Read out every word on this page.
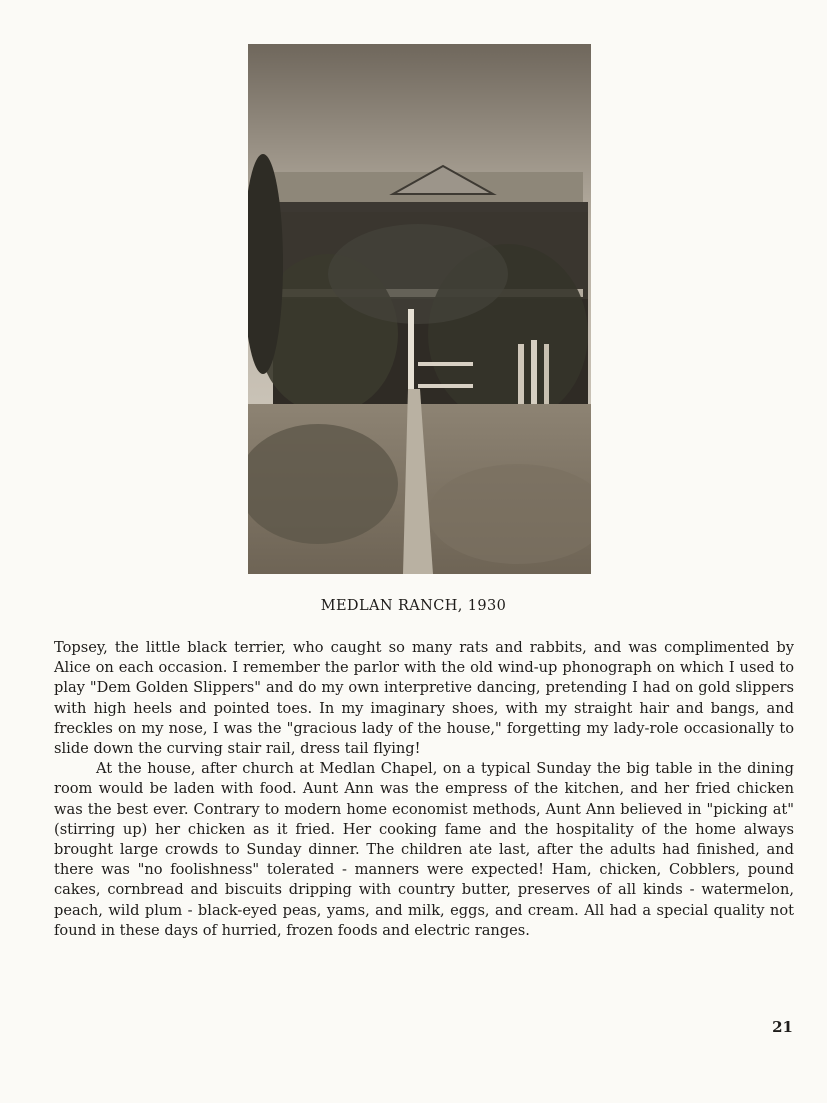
MEDLAN RANCH, 1930

Topsey, the little black terrier, who caught so many rats and rabbits, and was complimented by Alice on each occasion. I remember the parlor with the old wind-up phonograph on which I used to play "Dem Golden Slippers" and do my own interpretive dancing, pretending I had on gold slippers with high heels and pointed toes. In my imaginary shoes, with my straight hair and bangs, and freckles on my nose, I was the "gracious lady of the house," forgetting my lady-role occasionally to slide down the curving stair rail, dress tail flying!

At the house, after church at Medlan Chapel, on a typical Sunday the big table in the dining room would be laden with food. Aunt Ann was the empress of the kitchen, and her fried chicken was the best ever. Contrary to modern home economist methods, Aunt Ann believed in "picking at" (stirring up) her chicken as it fried. Her cooking fame and the hospitality of the home always brought large crowds to Sunday dinner. The children ate last, after the adults had finished, and there was "no foolishness" tolerated - manners were expected! Ham, chicken, Cobblers, pound cakes, cornbread and biscuits dripping with country butter, preserves of all kinds - watermelon, peach, wild plum - black-eyed peas, yams, and milk, eggs, and cream. All had a special quality not found in these days of hurried, frozen foods and electric ranges.

21
